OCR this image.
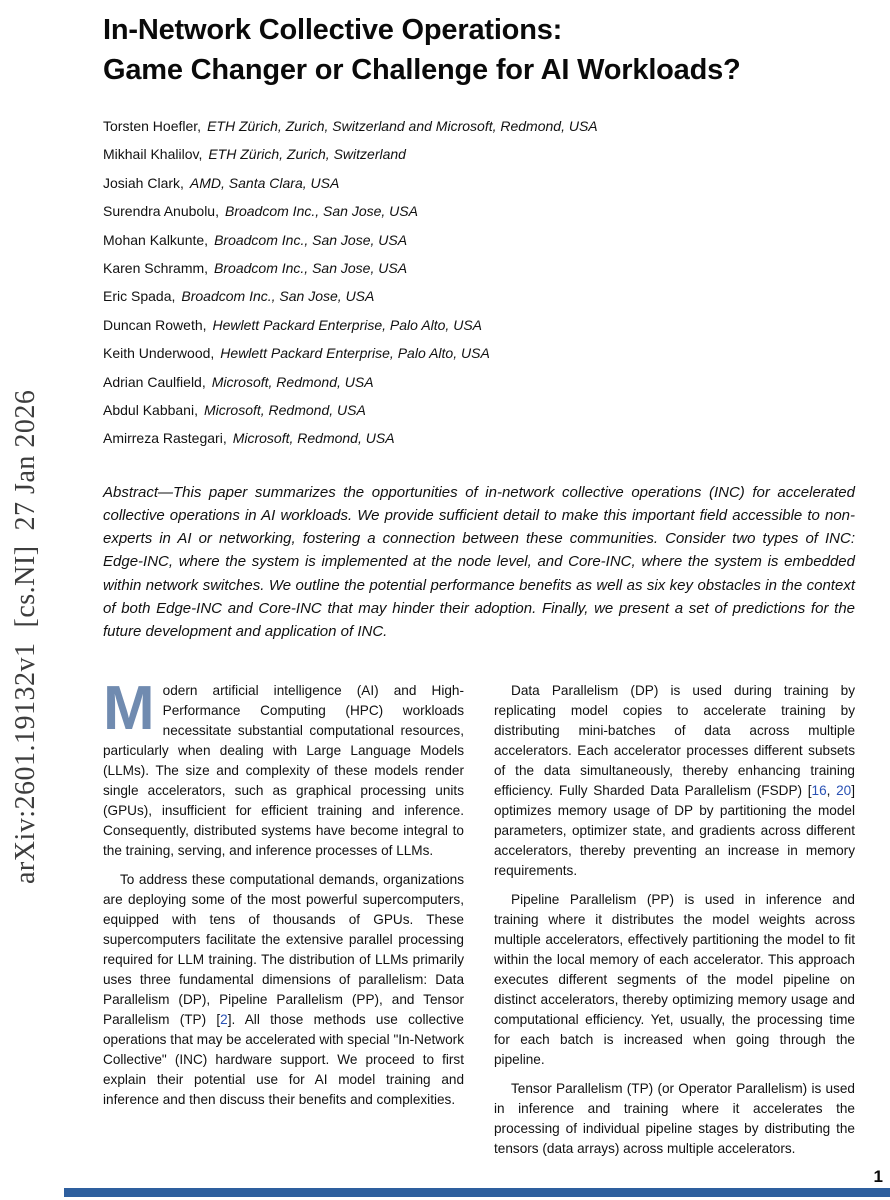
arXiv:2601.19132v1  [cs.NI]  27 Jan 2026
In-Network Collective Operations:
Game Changer or Challenge for AI Workloads?
Torsten Hoefler, ETH Zürich, Zurich, Switzerland and Microsoft, Redmond, USA
Mikhail Khalilov, ETH Zürich, Zurich, Switzerland
Josiah Clark, AMD, Santa Clara, USA
Surendra Anubolu, Broadcom Inc., San Jose, USA
Mohan Kalkunte, Broadcom Inc., San Jose, USA
Karen Schramm, Broadcom Inc., San Jose, USA
Eric Spada, Broadcom Inc., San Jose, USA
Duncan Roweth, Hewlett Packard Enterprise, Palo Alto, USA
Keith Underwood, Hewlett Packard Enterprise, Palo Alto, USA
Adrian Caulfield, Microsoft, Redmond, USA
Abdul Kabbani, Microsoft, Redmond, USA
Amirreza Rastegari, Microsoft, Redmond, USA

Abstract—This paper summarizes the opportunities of in-network collective operations (INC) for accelerated collective operations in AI workloads. We provide sufficient detail to make this important field accessible to non-experts in AI or networking, fostering a connection between these communities. Consider two types of INC: Edge-INC, where the system is implemented at the node level, and Core-INC, where the system is embedded within network switches. We outline the potential performance benefits as well as six key obstacles in the context of both Edge-INC and Core-INC that may hinder their adoption. Finally, we present a set of predictions for the future development and application of INC.

Modern artificial intelligence (AI) and High-Performance Computing (HPC) workloads necessitate substantial computational resources, particularly when dealing with Large Language Models (LLMs). The size and complexity of these models render single accelerators, such as graphical processing units (GPUs), insufficient for efficient training and inference. Consequently, distributed systems have become integral to the training, serving, and inference processes of LLMs.

To address these computational demands, organizations are deploying some of the most powerful supercomputers, equipped with tens of thousands of GPUs. These supercomputers facilitate the extensive parallel processing required for LLM training. The distribution of LLMs primarily uses three fundamental dimensions of parallelism: Data Parallelism (DP), Pipeline Parallelism (PP), and Tensor Parallelism (TP) [2]. All those methods use collective operations that may be accelerated with special "In-Network Collective" (INC) hardware support. We proceed to first explain their potential use for AI model training and inference and then discuss their benefits and complexities.

Data Parallelism (DP) is used during training by replicating model copies to accelerate training by distributing mini-batches of data across multiple accelerators. Each accelerator processes different subsets of the data simultaneously, thereby enhancing training efficiency. Fully Sharded Data Parallelism (FSDP) [16, 20] optimizes memory usage of DP by partitioning the model parameters, optimizer state, and gradients across different accelerators, thereby preventing an increase in memory requirements.

Pipeline Parallelism (PP) is used in inference and training where it distributes the model weights across multiple accelerators, effectively partitioning the model to fit within the local memory of each accelerator. This approach executes different segments of the model pipeline on distinct accelerators, thereby optimizing memory usage and computational efficiency. Yet, usually, the processing time for each batch is increased when going through the pipeline.

Tensor Parallelism (TP) (or Operator Parallelism) is used in inference and training where it accelerates the processing of individual pipeline stages by distributing the tensors (data arrays) across multiple accelerators.

1
